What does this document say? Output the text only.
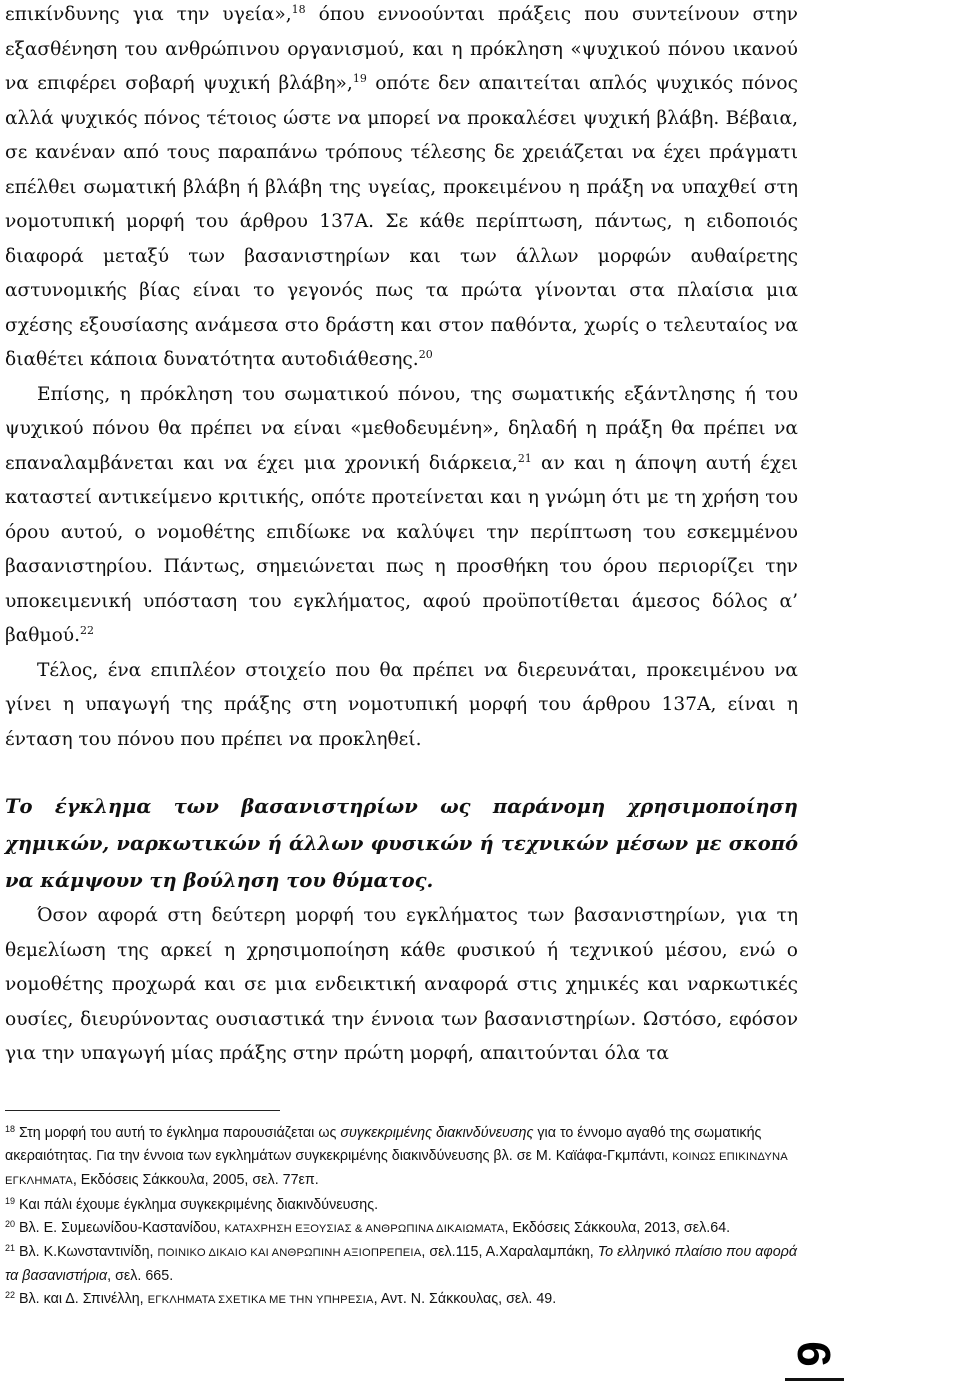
επικίνδυνης για την υγεία»,$^{18}$ όπου εννοούνται πράξεις που συντείνουν στην εξασθένηση του ανθρώπινου οργανισμού, και η πρόκληση «ψυχικού πόνου ικανού να επιφέρει σοβαρή ψυχική βλάβη»,$^{19}$ οπότε δεν απαιτείται απλός ψυχικός πόνος αλλά ψυχικός πόνος τέτοιος ώστε να μπορεί να προκαλέσει ψυχική βλάβη. Βέβαια, σε κανέναν από τους παραπάνω τρόπους τέλεσης δε χρειάζεται να έχει πράγματι επέλθει σωματική βλάβη ή βλάβη της υγείας, προκειμένου η πράξη να υπαχθεί στη νομοτυπική μορφή του άρθρου 137Α. Σε κάθε περίπτωση, πάντως, η ειδοποιός διαφορά μεταξύ των βασανιστηρίων και των άλλων μορφών αυθαίρετης αστυνομικής βίας είναι το γεγονός πως τα πρώτα γίνονται στα πλαίσια μια σχέσης εξουσίασης ανάμεσα στο δράστη και στον παθόντα, χωρίς ο τελευταίος να διαθέτει κάποια δυνατότητα αυτοδιάθεσης.$^{20}$

Επίσης, η πρόκληση του σωματικού πόνου, της σωματικής εξάντλησης ή του ψυχικού πόνου θα πρέπει να είναι «μεθοδευμένη», δηλαδή η πράξη θα πρέπει να επαναλαμβάνεται και να έχει μια χρονική διάρκεια,$^{21}$ αν και η άποψη αυτή έχει καταστεί αντικείμενο κριτικής, οπότε προτείνεται και η γνώμη ότι με τη χρήση του όρου αυτού, ο νομοθέτης επιδίωκε να καλύψει την περίπτωση του εσκεμμένου βασανιστηρίου. Πάντως, σημειώνεται πως η προσθήκη του όρου περιορίζει την υποκειμενική υπόσταση του εγκλήματος, αφού προϋποτίθεται άμεσος δόλος α’ βαθμού.$^{22}$

Τέλος, ένα επιπλέον στοιχείο που θα πρέπει να διερευνάται, προκειμένου να γίνει η υπαγωγή της πράξης στη νομοτυπική μορφή του άρθρου 137Α, είναι η ένταση του πόνου που πρέπει να προκληθεί.

Το έγκλημα των βασανιστηρίων ως παράνομη χρησιμοποίηση χημικών, ναρκωτικών ή άλλων φυσικών ή τεχνικών μέσων με σκοπό να κάμψουν τη βούληση του θύματος.

Όσον αφορά στη δεύτερη μορφή του εγκλήματος των βασανιστηρίων, για τη θεμελίωση της αρκεί η χρησιμοποίηση κάθε φυσικού ή τεχνικού μέσου, ενώ ο νομοθέτης προχωρά και σε μια ενδεικτική αναφορά στις χημικές και ναρκωτικές ουσίες, διευρύνοντας ουσιαστικά την έννοια των βασανιστηρίων. Ωστόσο, εφόσον για την υπαγωγή μίας πράξης στην πρώτη μορφή, απαιτούνται όλα τα

$^{18}$ Στη μορφή του αυτή το έγκλημα παρουσιάζεται ως συγκεκριμένης διακινδύνευσης για το έννομο αγαθό της σωματικής ακεραιότητας. Για την έννοια των εγκλημάτων συγκεκριμένης διακινδύνευσης βλ. σε Μ. Καϊάφα-Γκμπάντι, ΚΟΙΝΩΣ ΕΠΙΚΙΝΔΥΝΑ ΕΓΚΛΗΜΑΤΑ, Εκδόσεις Σάκκουλα, 2005, σελ. 77επ.

$^{19}$ Και πάλι έχουμε έγκλημα συγκεκριμένης διακινδύνευσης.

$^{20}$ Βλ. Ε. Συμεωνίδου-Καστανίδου, ΚΑΤΑΧΡΗΣΗ ΕΞΟΥΣΙΑΣ & ΑΝΘΡΩΠΙΝΑ ΔΙΚΑΙΩΜΑΤΑ, Εκδόσεις Σάκκουλα, 2013, σελ.64.

$^{21}$ Βλ. Κ.Κωνσταντινίδη, ΠΟΙΝΙΚΟ ΔΙΚΑΙΟ ΚΑΙ ΑΝΘΡΩΠΙΝΗ ΑΞΙΟΠΡΕΠΕΙΑ, σελ.115, Α.Χαραλαμπάκη, Το ελληνικό πλαίσιο που αφορά τα βασανιστήρια, σελ. 665.

$^{22}$ Βλ. και Δ. Σπινέλλη, ΕΓΚΛΗΜΑΤΑ ΣΧΕΤΙΚΑ ΜΕ ΤΗΝ ΥΠΗΡΕΣΙΑ, Αντ. Ν. Σάκκουλας, σελ. 49.

9
